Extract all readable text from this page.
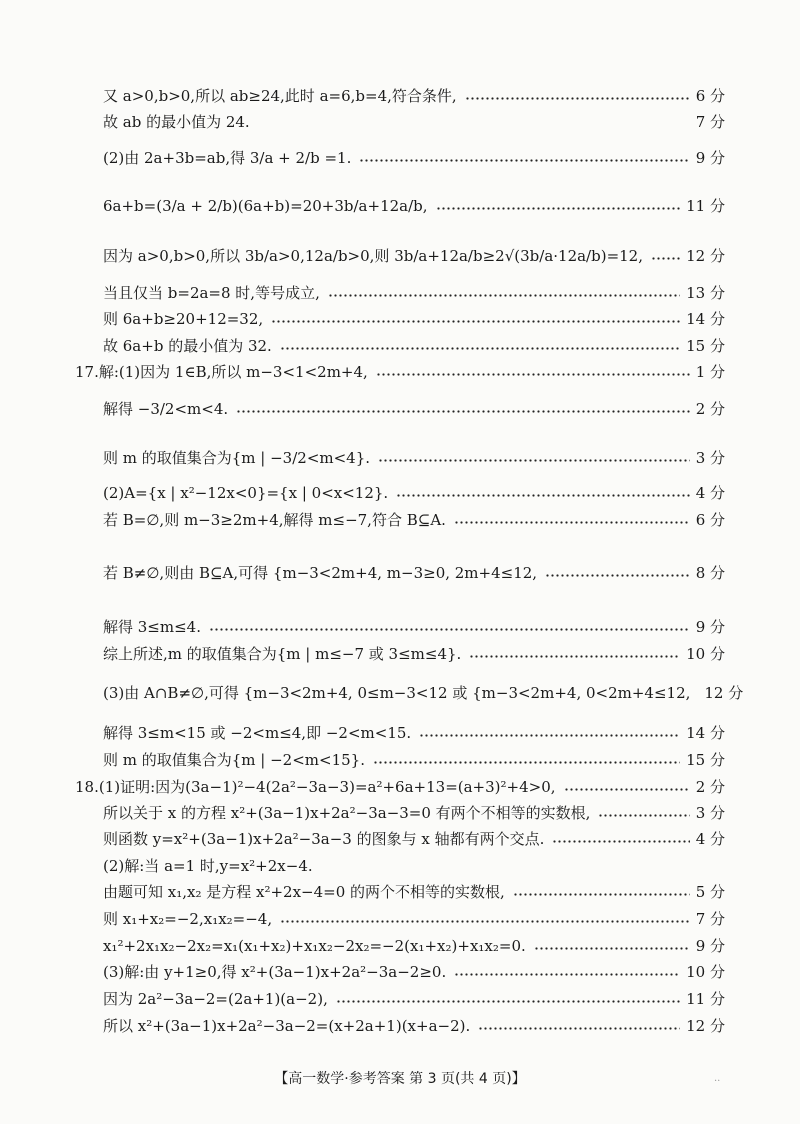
又 a>0,b>0,所以 ab≥24,此时 a=6,b=4,符合条件,	6 分
故 ab 的最小值为 24.	7 分
(2)由 2a+3b=ab,得 3/a + 2/b =1.	9 分
6a+b=(3/a + 2/b)(6a+b)=20+3b/a+12a/b,	11 分
因为 a>0,b>0,所以 3b/a>0,12a/b>0,则 3b/a+12a/b≥2√(3b/a·12a/b)=12,	12 分
当且仅当 b=2a=8 时,等号成立,	13 分
则 6a+b≥20+12=32,	14 分
故 6a+b 的最小值为 32.	15 分
17.解:(1)因为 1∈B,所以 m−3<1<2m+4,	1 分
解得 −3/2<m<4.	2 分
则 m 的取值集合为{m | −3/2<m<4}.	3 分
(2)A={x | x²−12x<0}={x | 0<x<12}.	4 分
若 B=∅,则 m−3≥2m+4,解得 m≤−7,符合 B⊆A.	6 分
若 B≠∅,则由 B⊆A,可得 {m−3<2m+4, m−3≥0, 2m+4≤12,	8 分
解得 3≤m≤4.	9 分
综上所述,m 的取值集合为{m | m≤−7 或 3≤m≤4}.	10 分
(3)由 A∩B≠∅,可得 {m−3<2m+4, 0≤m−3<12 或 {m−3<2m+4, 0<2m+4≤12, 12 分
解得 3≤m<15 或 −2<m≤4,即 −2<m<15.	14 分
则 m 的取值集合为{m | −2<m<15}.	15 分
18.(1)证明:因为(3a−1)²−4(2a²−3a−3)=a²+6a+13=(a+3)²+4>0,	2 分
所以关于 x 的方程 x²+(3a−1)x+2a²−3a−3=0 有两个不相等的实数根,	3 分
则函数 y=x²+(3a−1)x+2a²−3a−3 的图象与 x 轴都有两个交点.	4 分
(2)解:当 a=1 时,y=x²+2x−4.
由题可知 x₁,x₂ 是方程 x²+2x−4=0 的两个不相等的实数根,	5 分
则 x₁+x₂=−2,x₁x₂=−4,	7 分
x₁²+2x₁x₂−2x₂=x₁(x₁+x₂)+x₁x₂−2x₂=−2(x₁+x₂)+x₁x₂=0.	9 分
(3)解:由 y+1≥0,得 x²+(3a−1)x+2a²−3a−2≥0.	10 分
因为 2a²−3a−2=(2a+1)(a−2),	11 分
所以 x²+(3a−1)x+2a²−3a−2=(x+2a+1)(x+a−2).	12 分
【高一数学·参考答案 第 3 页(共 4 页)】	..
